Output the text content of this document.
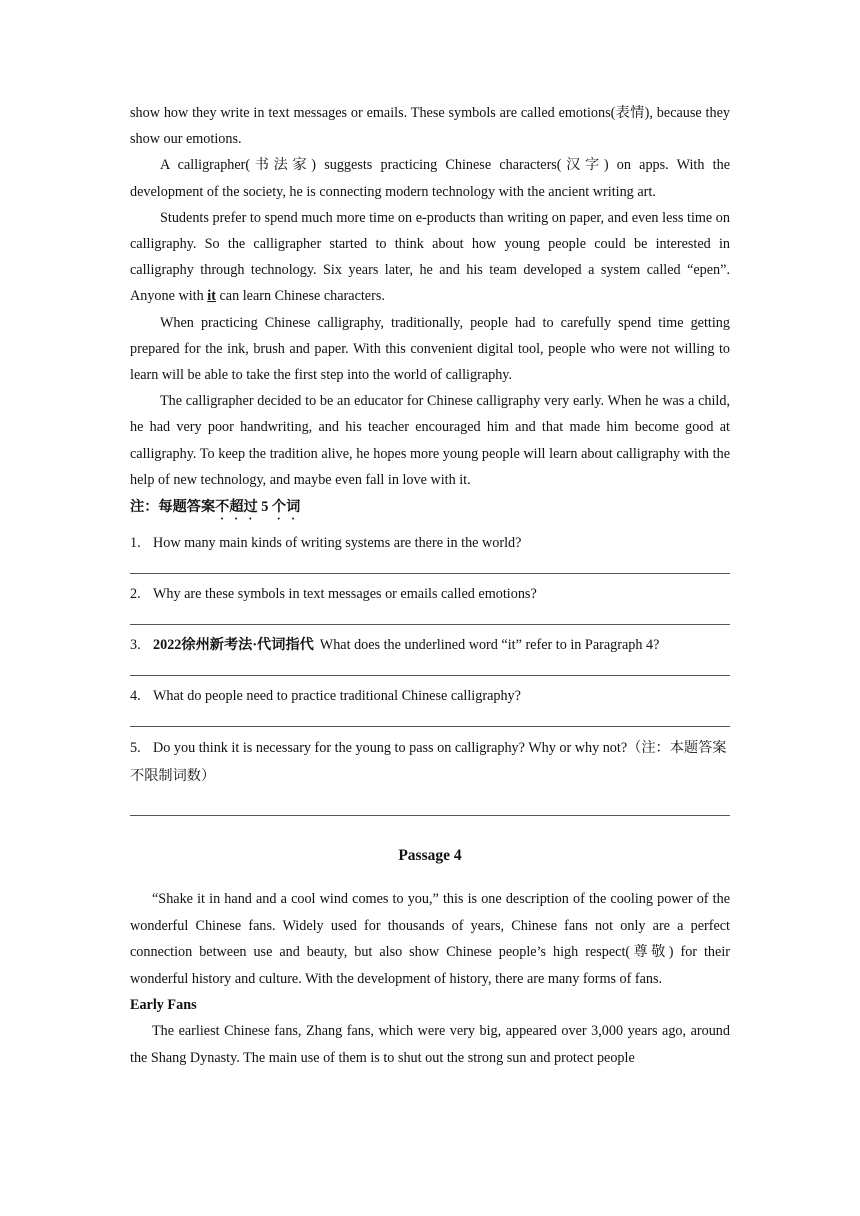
show how they write in text messages or emails. These symbols are called emotions(表情), because they show our emotions.

A calligrapher(书法家) suggests practicing Chinese characters(汉字) on apps. With the development of the society, he is connecting modern technology with the ancient writing art.

Students prefer to spend much more time on e-products than writing on paper, and even less time on calligraphy. So the calligrapher started to think about how young people could be interested in calligraphy through technology. Six years later, he and his team developed a system called “epen”. Anyone with it can learn Chinese characters.

When practicing Chinese calligraphy, traditionally, people had to carefully spend time getting prepared for the ink, brush and paper. With this convenient digital tool, people who were not willing to learn will be able to take the first step into the world of calligraphy.

The calligrapher decided to be an educator for Chinese calligraphy very early. When he was a child, he had very poor handwriting, and his teacher encouraged him and that made him become good at calligraphy. To keep the tradition alive, he hopes more young people will learn about calligraphy with the help of new technology, and maybe even fall in love with it.

注：每题答案不超过 5 个词

1. How many main kinds of writing systems are there in the world?

2. Why are these symbols in text messages or emails called emotions?

3. 2022徐州新考法·代词指代 What does the underlined word “it” refer to in Paragraph 4?

4. What do people need to practice traditional Chinese calligraphy?

5. Do you think it is necessary for the young to pass on calligraphy? Why or why not?（注：本题答案不限制词数）

Passage 4

“Shake it in hand and a cool wind comes to you,” this is one description of the cooling power of the wonderful Chinese fans. Widely used for thousands of years, Chinese fans not only are a perfect connection between use and beauty, but also show Chinese people’s high respect(尊敬) for their wonderful history and culture. With the development of history, there are many forms of fans.

Early Fans

The earliest Chinese fans, Zhang fans, which were very big, appeared over 3,000 years ago, around the Shang Dynasty. The main use of them is to shut out the strong sun and protect people
